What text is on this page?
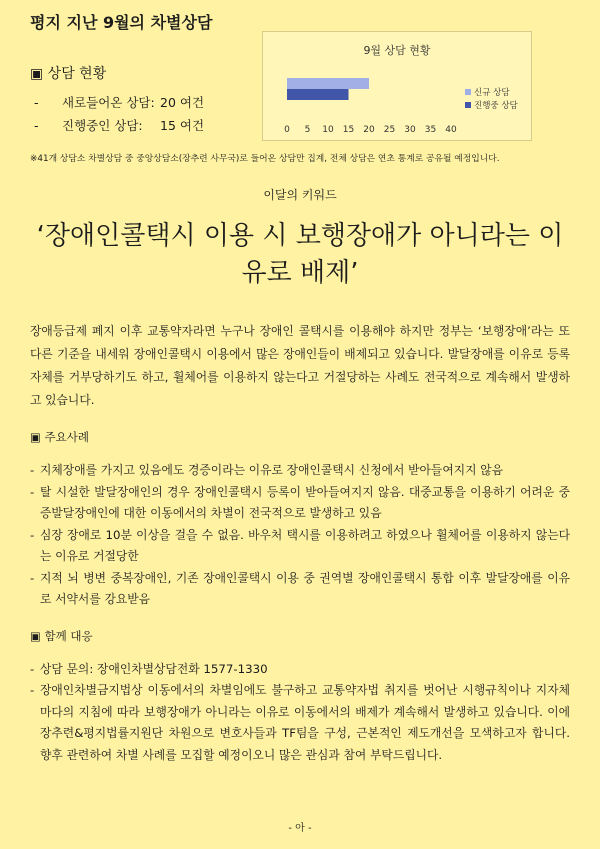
평지 지난 9월의 차별상담
▣ 상담 현황
- 새로들어온 상담: 20 여건
- 진행중인 상담:	15 여건
※41개 상담소 차별상담 중 중앙상담소(장추련 사무국)로 들어온 상담만 집계, 전체 상담은 연초 통계로 공유될 예정입니다.
9월 상담 현황
신규 상담
진행중 상담
0 5 10 15 20 25 30 35 40
이달의 키워드
‘장애인콜택시 이용 시 보행장애가 아니라는 이유로 배제’

장애등급제 폐지 이후 교통약자라면 누구나 장애인 콜택시를 이용해야 하지만 정부는 ‘보행장애’라는 또 다른 기준을 내세워 장애인콜택시 이용에서 많은 장애인들이 배제되고 있습니다. 발달장애를 이유로 등록 자체를 거부당하기도 하고, 휠체어를 이용하지 않는다고 거절당하는 사례도 전국적으로 계속해서 발생하고 있습니다.

▣ 주요사례
- 지체장애를 가지고 있음에도 경증이라는 이유로 장애인콜택시 신청에서 받아들여지지 않음
- 탈 시설한 발달장애인의 경우 장애인콜택시 등록이 받아들여지지 않음. 대중교통을 이용하기 어려운 중증발달장애인에 대한 이동에서의 차별이 전국적으로 발생하고 있음
- 심장 장애로 10분 이상을 걸을 수 없음. 바우처 택시를 이용하려고 하였으나 휠체어를 이용하지 않는다는 이유로 거절당한
- 지적 뇌 병변 중복장애인, 기존 장애인콜택시 이용 중 권역별 장애인콜택시 통합 이후 발달장애를 이유로 서약서를 강요받음
▣ 함께 대응
- 상담 문의: 장애인차별상담전화 1577-1330
- 장애인차별금지법상 이동에서의 차별임에도 불구하고 교통약자법 취지를 벗어난 시행규칙이나 지자체마다의 지침에 따라 보행장애가 아니라는 이유로 이동에서의 배제가 계속해서 발생하고 있습니다. 이에 장추련&평지법률지원단 차원으로 변호사들과 TF팀을 구성, 근본적인 제도개선을 모색하고자 합니다. 향후 관련하여 차별 사례를 모집할 예정이오니 많은 관심과 참여 부탁드립니다.
- 아 -
